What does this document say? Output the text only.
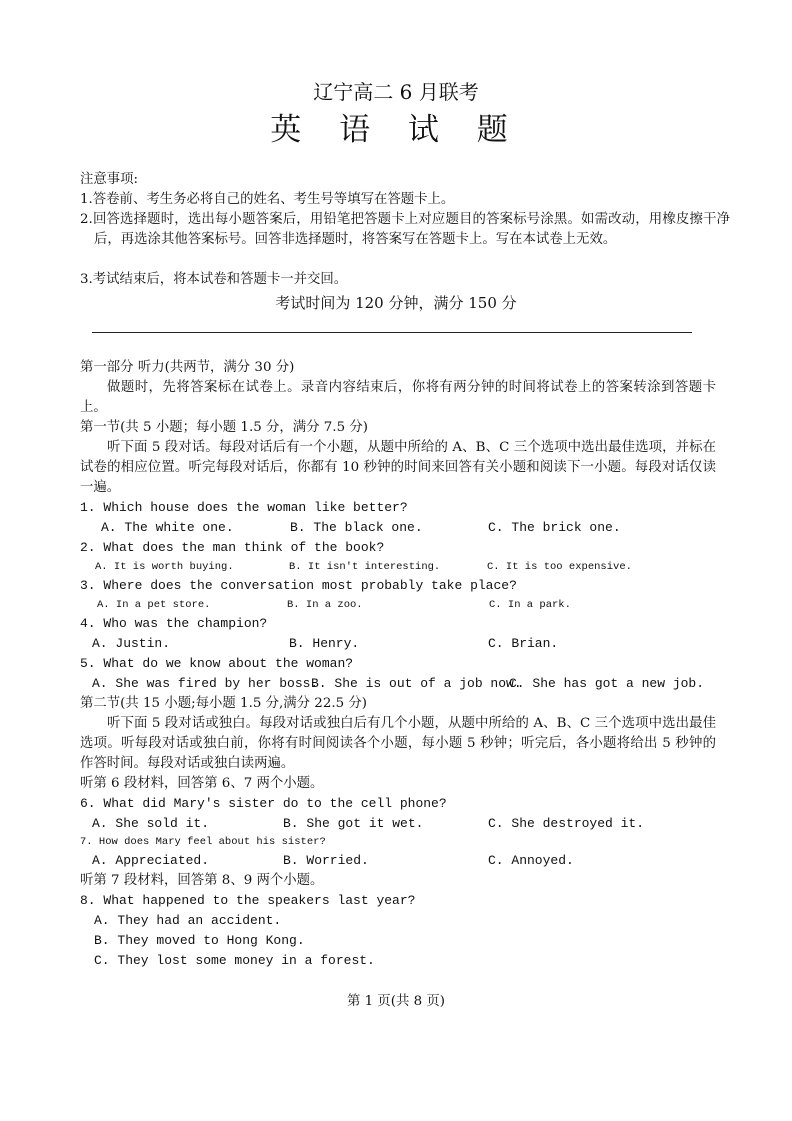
辽宁高二 6 月联考
英 语 试 题
注意事项:
1.答卷前、考生务必将自己的姓名、考生号等填写在答题卡上。
2.回答选择题时，选出每小题答案后，用铅笔把答题卡上对应题目的答案标号涂黑。如需改动，用橡皮擦干净后，再选涂其他答案标号。回答非选择题时，将答案写在答题卡上。写在本试卷上无效。
3.考试结束后，将本试卷和答题卡一并交回。
考试时间为 120 分钟，满分 150 分
第一部分 听力(共两节，满分 30 分)
做题时，先将答案标在试卷上。录音内容结束后，你将有两分钟的时间将试卷上的答案转涂到答题卡上。
第一节(共 5 小题；每小题 1.5 分，满分 7.5 分)
听下面 5 段对话。每段对话后有一个小题，从题中所给的 A、B、C 三个选项中选出最佳选项，并标在试卷的相应位置。听完每段对话后，你都有 10 秒钟的时间来回答有关小题和阅读下一小题。每段对话仅读一遍。
1. Which house does the woman like better?
A. The white one.	B. The black one.	C. The brick one.
2. What does the man think of the book?
A. It is worth buying.	B. It isn't interesting.	C. It is too expensive.
3. Where does the conversation most probably take place?
A. In a pet store.	B. In a zoo.	C. In a park.
4. Who was the champion?
A. Justin.	B. Henry.	C. Brian.
5. What do we know about the woman?
A. She was fired by her boss.
B. She is out of a job now.
C. She has got a new job.
第二节(共 15 小题;每小题 1.5 分,满分 22.5 分)
听下面 5 段对话或独白。每段对话或独白后有几个小题，从题中所给的 A、B、C 三个选项中选出最佳选项。听每段对话或独白前，你将有时间阅读各个小题，每小题 5 秒钟；听完后，各小题将给出 5 秒钟的作答时间。每段对话或独白读两遍。
听第 6 段材料，回答第 6、7 两个小题。
6. What did Mary's sister do to the cell phone?
A. She sold it.	B. She got it wet.	C. She destroyed it.
7. How does Mary feel about his sister?
A. Appreciated.	B. Worried.	C. Annoyed.
听第 7 段材料，回答第 8、9 两个小题。
8. What happened to the speakers last year?
A. They had an accident.
B. They moved to Hong Kong.
C. They lost some money in a forest.
第 1 页(共 8 页)
